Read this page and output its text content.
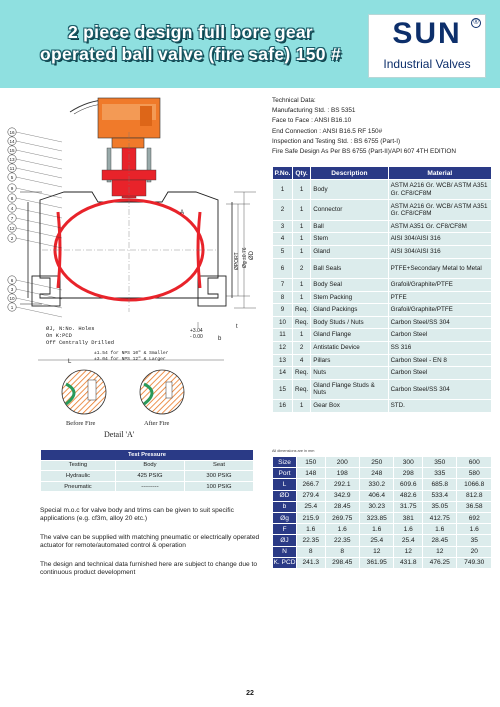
2 piece design full bore gear
operated ball valve (fire safe) 150 #
SUN	®
Industrial Valves
ØD
Øg ±0.76
ØPORT
A
t
b
L
+3.04
- 0.00
16
14
15
13
11
5
9
8
4
7
12
2
6
3
10
1
ØJ, N:No. Holes
On K:PCD
Off Centrally Drilled
±1.54 for NPS 10" & Smaller
±3.04 for NPS 12" & Larger
Before Fire	After Fire
Detail 'A'
Technical Data:
Manufacturing Std. : BS 5351
Face to Face : ANSI B16.10
End Connection : ANSI B16.5 RF 150#
Inspection and Testing Std. : BS 6755 (Part-I)
Fire Safe Design As Per BS 6755 (Part-II)/API 607 4TH EDITION
P.No.	Qty.	Description	Material
1	1	Body	ASTM A216 Gr. WCB/ ASTM A351 Gr. CF8/CF8M
2	1	Connector	ASTM A216 Gr. WCB/ ASTM A351 Gr. CF8/CF8M
3	1	Ball	ASTM A351 Gr. CF8/CF8M
4	1	Stem	AISI 304/AISI 316
5	1	Gland	AISI 304/AISI 316
6	2	Ball Seals	PTFE+Secondary Metal to Metal
7	1	Body Seal	Grafoil/Graphite/PTFE
8	1	Stem Packing	PTFE
9	Req.	Gland Packings	Grafoil/Graphite/PTFE
10	Req.	Body Studs / Nuts	Carbon Steel/SS 304
11	1	Gland Flange	Carbon Steel
12	2	Antistatic Device	SS 316
13	4	Pillars	Carbon Steel - EN 8
14	Req.	Nuts	Carbon Steel
15	Req.	Gland Flange Studs & Nuts	Carbon Steel/SS 304
16	1	Gear Box	STD.
All dimensions are in mm
Size	150	200	250	300	350	600
Port	148	198	248	298	335	580
L	266.7	292.1	330.2	609.6	685.8	1066.8
ØD	279.4	342.9	406.4	482.6	533.4	812.8
b	25.4	28.45	30.23	31.75	35.05	36.58
Øg	215.9	269.75	323.85	381	412.75	692
F	1.6	1.6	1.6	1.6	1.6	1.6
ØJ	22.35	22.35	25.4	25.4	28.45	35
N	8	8	12	12	12	20
K. PCD	241.3	298.45	361.95	431.8	476.25	749.30
Test Pressure		
Testing	Body	Seat
Hydraulic	425 PSIG	300 PSIG
Pneumatic	---------	100 PSIG

Special m.o.c for valve body and trims can be given to suit specific applications (e.g. cf3m, alloy 20 etc.)

The valve can be supplied with matching pneumatic or electrically operated actuator for remote/automated control & operation

The design and technical data furnished here are subject to change due to continuous product development

22
